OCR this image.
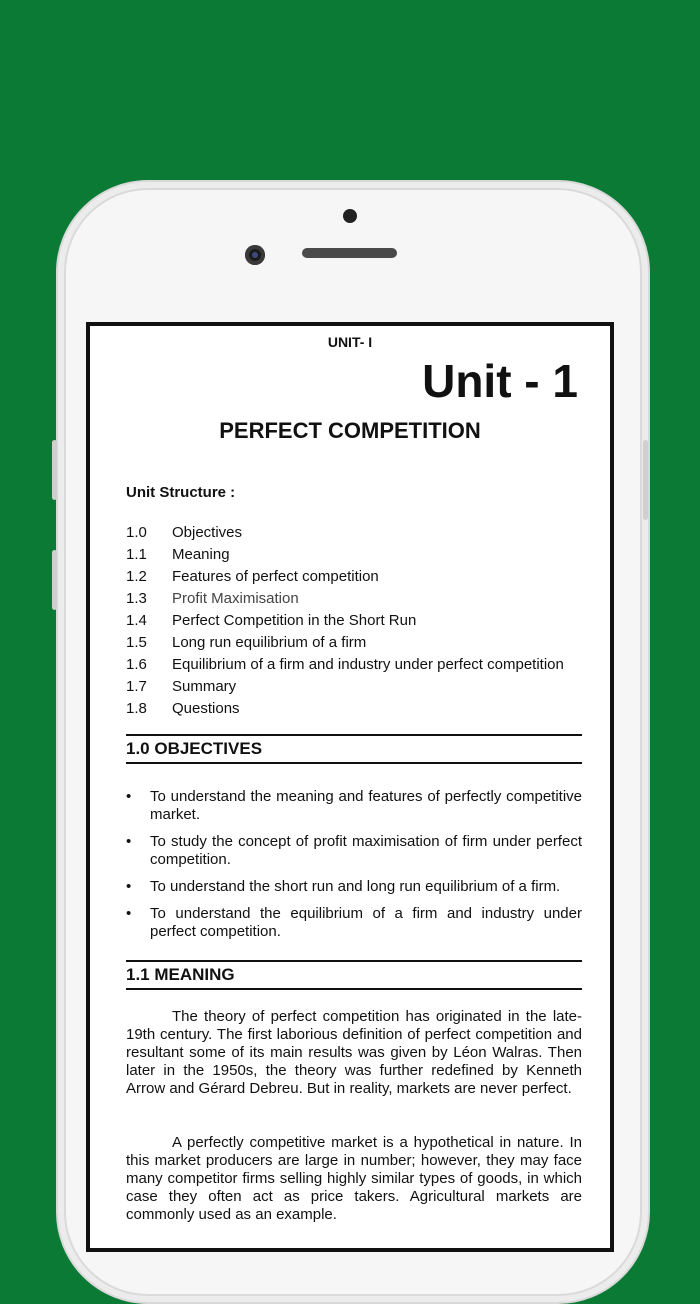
UNIT- I
Unit - 1
PERFECT COMPETITION
Unit Structure :
1.0	Objectives
1.1	Meaning
1.2	Features of perfect competition
1.3	Profit Maximisation
1.4	Perfect Competition in the Short Run
1.5	Long run equilibrium of a firm
1.6	Equilibrium of a firm and industry under perfect competition
1.7	Summary
1.8	Questions
1.0 OBJECTIVES
• To understand the meaning and features of perfectly competitive market.
• To study the concept of profit maximisation of firm under perfect competition.
• To understand the short run and long run equilibrium of a firm.
• To understand the equilibrium of a firm and industry under perfect competition.
1.1 MEANING
The theory of perfect competition has originated in the late-19th century. The first laborious definition of perfect competition and resultant some of its main results was given by Léon Walras. Then later in the 1950s, the theory was further redefined by Kenneth Arrow and Gérard Debreu. But in reality, markets are never perfect.
A perfectly competitive market is a hypothetical in nature. In this market producers are large in number; however, they may face many competitor firms selling highly similar types of goods, in which case they often act as price takers. Agricultural markets are commonly used as an example.
